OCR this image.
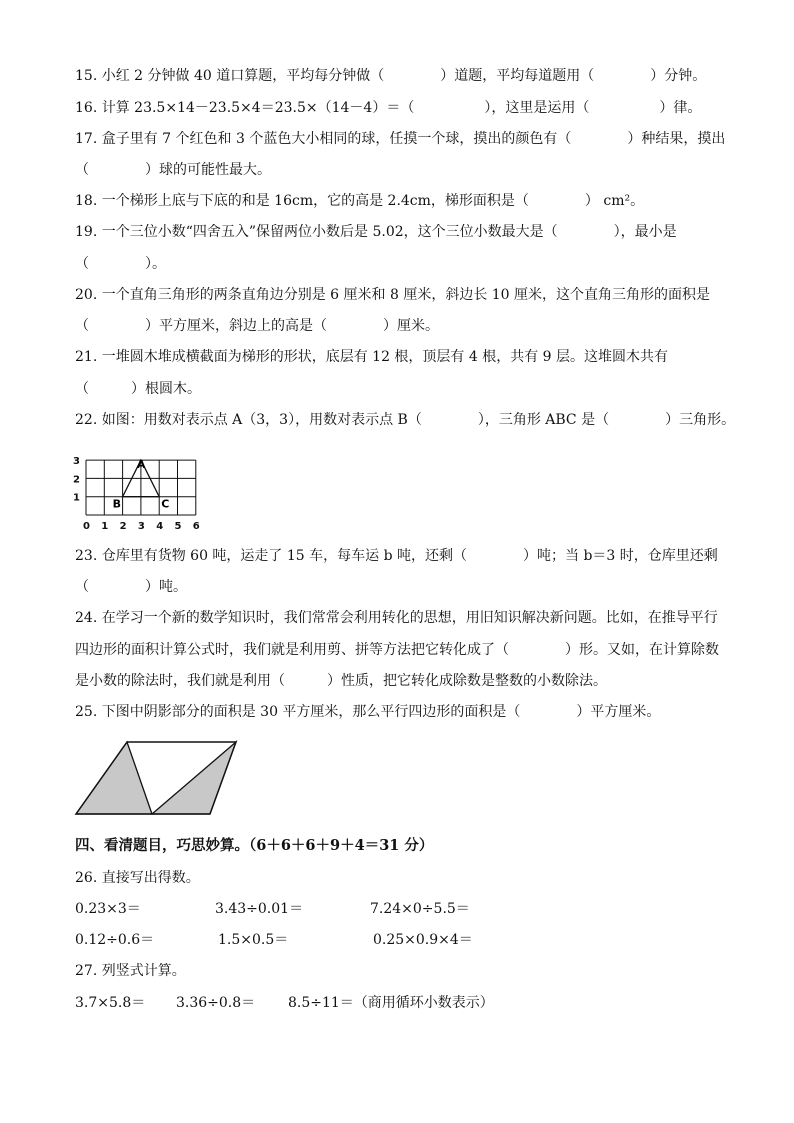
15. 小红 2 分钟做 40 道口算题，平均每分钟做（　　　　）道题，平均每道题用（　　　　）分钟。
16. 计算 23.5×14－23.5×4＝23.5×（14－4）＝（　　　　　），这里是运用（　　　　　）律。
17. 盒子里有 7 个红色和 3 个蓝色大小相同的球，任摸一个球，摸出的颜色有（　　　　）种结果，摸出
（　　　　）球的可能性最大。
18. 一个梯形上底与下底的和是 16cm，它的高是 2.4cm，梯形面积是（　　　　） cm²。
19. 一个三位小数“四舍五入”保留两位小数后是 5.02，这个三位小数最大是（　　　　），最小是
（　　　　）。
20. 一个直角三角形的两条直角边分别是 6 厘米和 8 厘米，斜边长 10 厘米，这个直角三角形的面积是
（　　　　）平方厘米，斜边上的高是（　　　　）厘米。
21. 一堆圆木堆成横截面为梯形的形状，底层有 12 根，顶层有 4 根，共有 9 层。这堆圆木共有
（　　　）根圆木。
22. 如图：用数对表示点 A（3，3），用数对表示点 B（　　　　），三角形 ABC 是（　　　　）三角形。
0 1 2 3 4 5 6
1
2
3	A
B	C
23. 仓库里有货物 60 吨，运走了 15 车，每车运 b 吨，还剩（　　　　）吨；当 b＝3 时，仓库里还剩
（　　　　）吨。
24. 在学习一个新的数学知识时，我们常常会利用转化的思想，用旧知识解决新问题。比如，在推导平行
四边形的面积计算公式时，我们就是利用剪、拼等方法把它转化成了（　　　　）形。又如，在计算除数
是小数的除法时，我们就是利用（　　　）性质，把它转化成除数是整数的小数除法。
25. 下图中阴影部分的面积是 30 平方厘米，那么平行四边形的面积是（　　　　）平方厘米。
四、看清题目，巧思妙算。（6＋6＋6＋9＋4＝31 分）
26. 直接写出得数。
0.23×3＝	3.43÷0.01＝	7.24×0÷5.5＝
0.12÷0.6＝	1.5×0.5＝	0.25×0.9×4＝
27. 列竖式计算。
3.7×5.8＝ 3.36÷0.8＝ 8.5÷11＝（商用循环小数表示）
